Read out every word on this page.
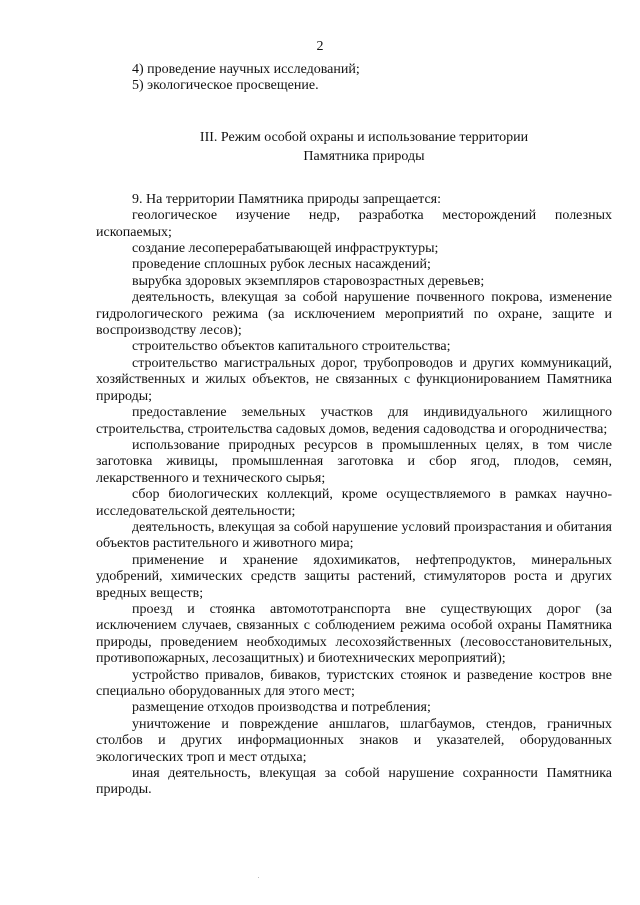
2

4) проведение научных исследований;

5) экологическое просвещение.

III. Режим особой охраны и использование территории
Памятника природы

9. На территории Памятника природы запрещается:

геологическое изучение недр, разработка месторождений полезных ископаемых;

создание лесоперерабатывающей инфраструктуры;

проведение сплошных рубок лесных насаждений;

вырубка здоровых экземпляров старовозрастных деревьев;

деятельность, влекущая за собой нарушение почвенного покрова, изменение гидрологического режима (за исключением мероприятий по охране, защите и воспроизводству лесов);

строительство объектов капитального строительства;

строительство магистральных дорог, трубопроводов и других коммуникаций, хозяйственных и жилых объектов, не связанных с функционированием Памятника природы;

предоставление земельных участков для индивидуального жилищного строительства, строительства садовых домов, ведения садоводства и огородничества;

использование природных ресурсов в промышленных целях, в том числе заготовка живицы, промышленная заготовка и сбор ягод, плодов, семян, лекарственного и технического сырья;

сбор биологических коллекций, кроме осуществляемого в рамках научно-исследовательской деятельности;

деятельность, влекущая за собой нарушение условий произрастания и обитания объектов растительного и животного мира;

применение и хранение ядохимикатов, нефтепродуктов, минеральных удобрений, химических средств защиты растений, стимуляторов роста и других вредных веществ;

проезд и стоянка автомототранспорта вне существующих дорог (за исключением случаев, связанных с соблюдением режима особой охраны Памятника природы, проведением необходимых лесохозяйственных (лесовосстановительных, противопожарных, лесозащитных) и биотехнических мероприятий);

устройство привалов, биваков, туристских стоянок и разведение костров вне специально оборудованных для этого мест;

размещение отходов производства и потребления;

уничтожение и повреждение аншлагов, шлагбаумов, стендов, граничных столбов и других информационных знаков и указателей, оборудованных экологических троп и мест отдыха;

иная деятельность, влекущая за собой нарушение сохранности Памятника природы.
